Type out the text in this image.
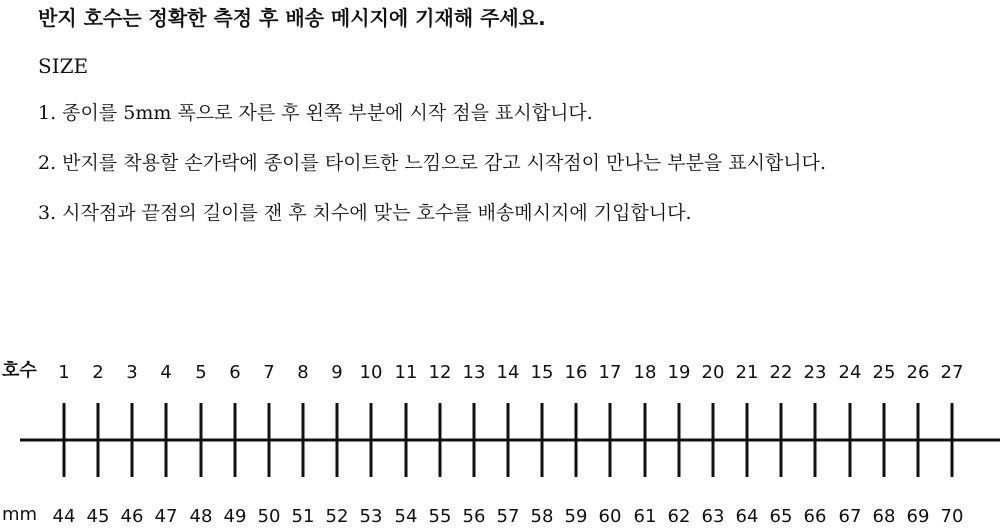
반지 호수는 정확한 측정 후 배송 메시지에 기재해 주세요.
SIZE
1. 종이를 5mm 폭으로 자른 후 왼쪽 부분에 시작 점을 표시합니다.
2. 반지를 착용할 손가락에 종이를 타이트한 느낌으로 감고 시작점이 만나는 부분을 표시합니다.
3. 시작점과 끝점의 길이를 잰 후 치수에 맞는 호수를 배송메시지에 기입합니다.
호수
mm
1
44
2
45
3
46
4
47
5
48
6
49
7
50
8
51
9
52
10
53
11
54
12
55
13
56
14
57
15
58
16
59
17
60
18
61
19
62
20
63
21
64
22
65
23
66
24
67
25
68
26
69
27
70
